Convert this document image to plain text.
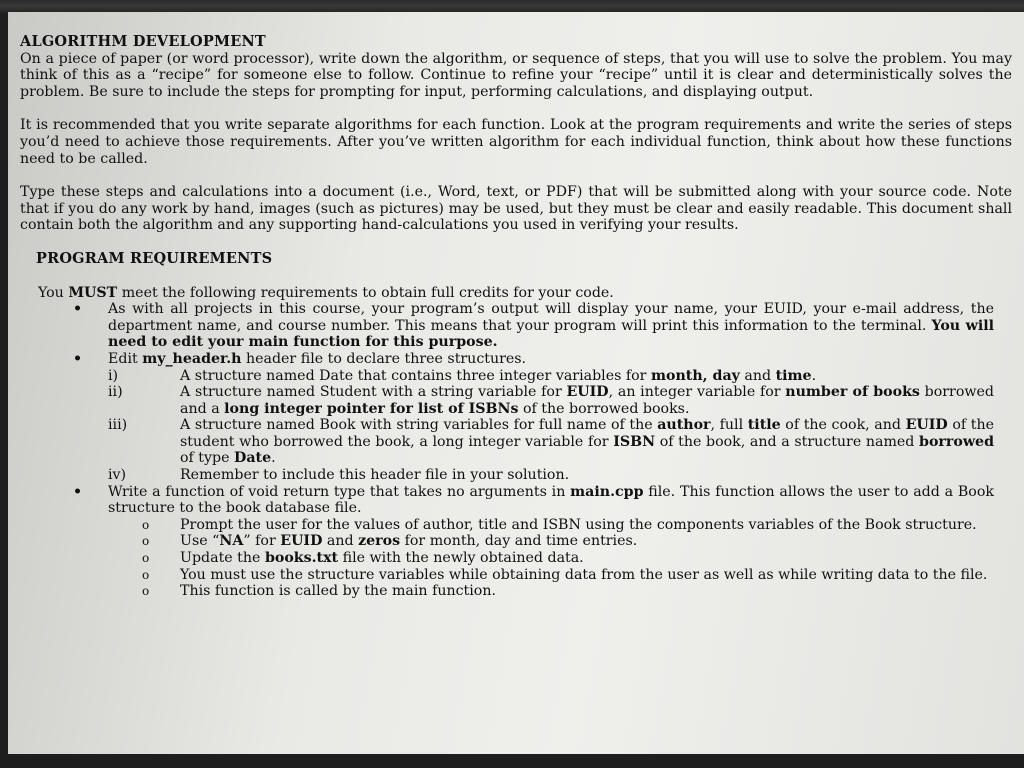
ALGORITHM DEVELOPMENT

On a piece of paper (or word processor), write down the algorithm, or sequence of steps, that you will use to solve the problem. You may think of this as a “recipe” for someone else to follow. Continue to refine your “recipe” until it is clear and deterministically solves the problem. Be sure to include the steps for prompting for input, performing calculations, and displaying output.

It is recommended that you write separate algorithms for each function. Look at the program requirements and write the series of steps you’d need to achieve those requirements. After you’ve written algorithm for each individual function, think about how these functions need to be called.

Type these steps and calculations into a document (i.e., Word, text, or PDF) that will be submitted along with your source code. Note that if you do any work by hand, images (such as pictures) may be used, but they must be clear and easily readable. This document shall contain both the algorithm and any supporting hand-calculations you used in verifying your results.

PROGRAM REQUIREMENTS

You MUST meet the following requirements to obtain full credits for your code.

• As with all projects in this course, your program’s output will display your name, your EUID, your e-mail address, the department name, and course number. This means that your program will print this information to the terminal. You will need to edit your main function for this purpose.
• Edit my_header.h header file to declare three structures.
i)	A structure named Date that contains three integer variables for month, day and time.
ii)	A structure named Student with a string variable for EUID, an integer variable for number of books borrowed and a long integer pointer for list of ISBNs of the borrowed books.
iii)	A structure named Book with string variables for full name of the author, full title of the cook, and EUID of the student who borrowed the book, a long integer variable for ISBN of the book, and a structure named borrowed of type Date.
iv)	Remember to include this header file in your solution.
• Write a function of void return type that takes no arguments in main.cpp file. This function allows the user to add a Book structure to the book database file.
o Prompt the user for the values of author, title and ISBN using the components variables of the Book structure.
o Use “NA” for EUID and zeros for month, day and time entries.
o Update the books.txt file with the newly obtained data.
o You must use the structure variables while obtaining data from the user as well as while writing data to the file.
o This function is called by the main function.
